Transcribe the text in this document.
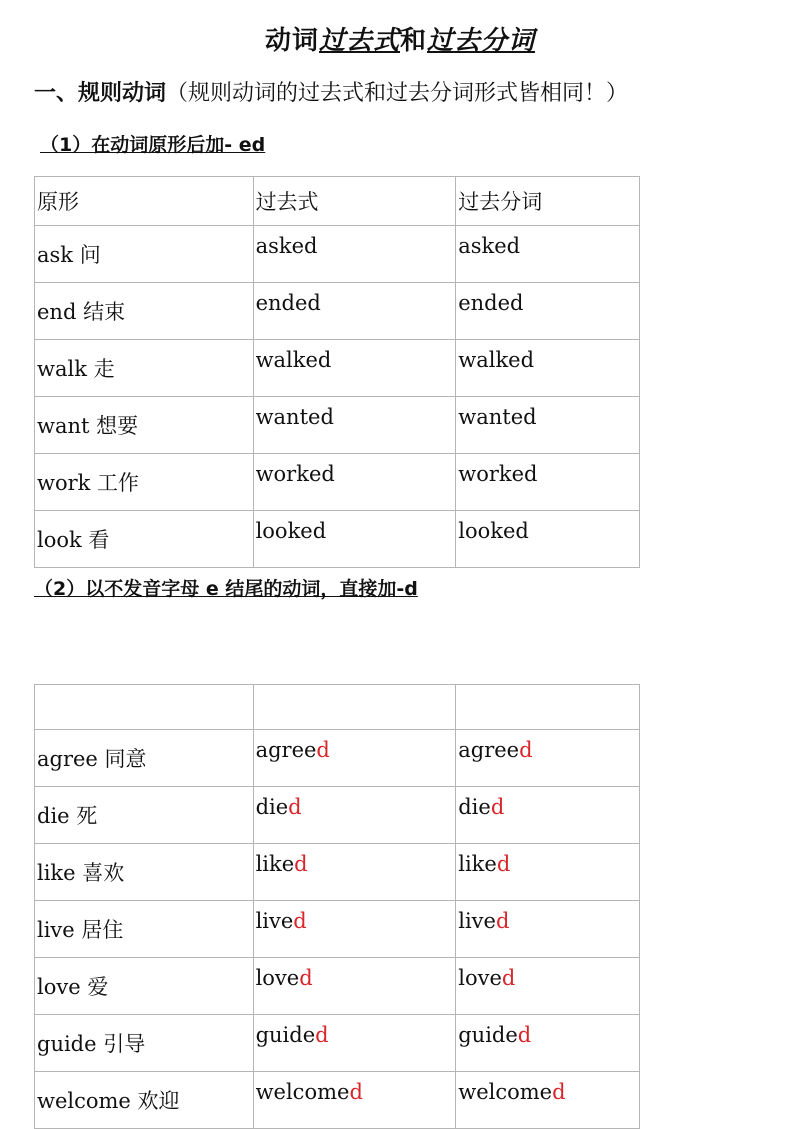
动词过去式和过去分词
一、规则动词（规则动词的过去式和过去分词形式皆相同！）
（1）在动词原形后加- ed
原形	过去式	过去分词
ask 问	asked	asked
end 结束	ended	ended
walk 走	walked	walked
want 想要	wanted	wanted
work 工作	worked	worked
look 看	looked	looked
（2）以不发音字母 e 结尾的动词，直接加-d

agree 同意	agreed	agreed
die 死	died	died
like 喜欢	liked	liked
live 居住	lived	lived
love 爱	loved	loved
guide 引导	guided	guided
welcome 欢迎	welcomed	welcomed
